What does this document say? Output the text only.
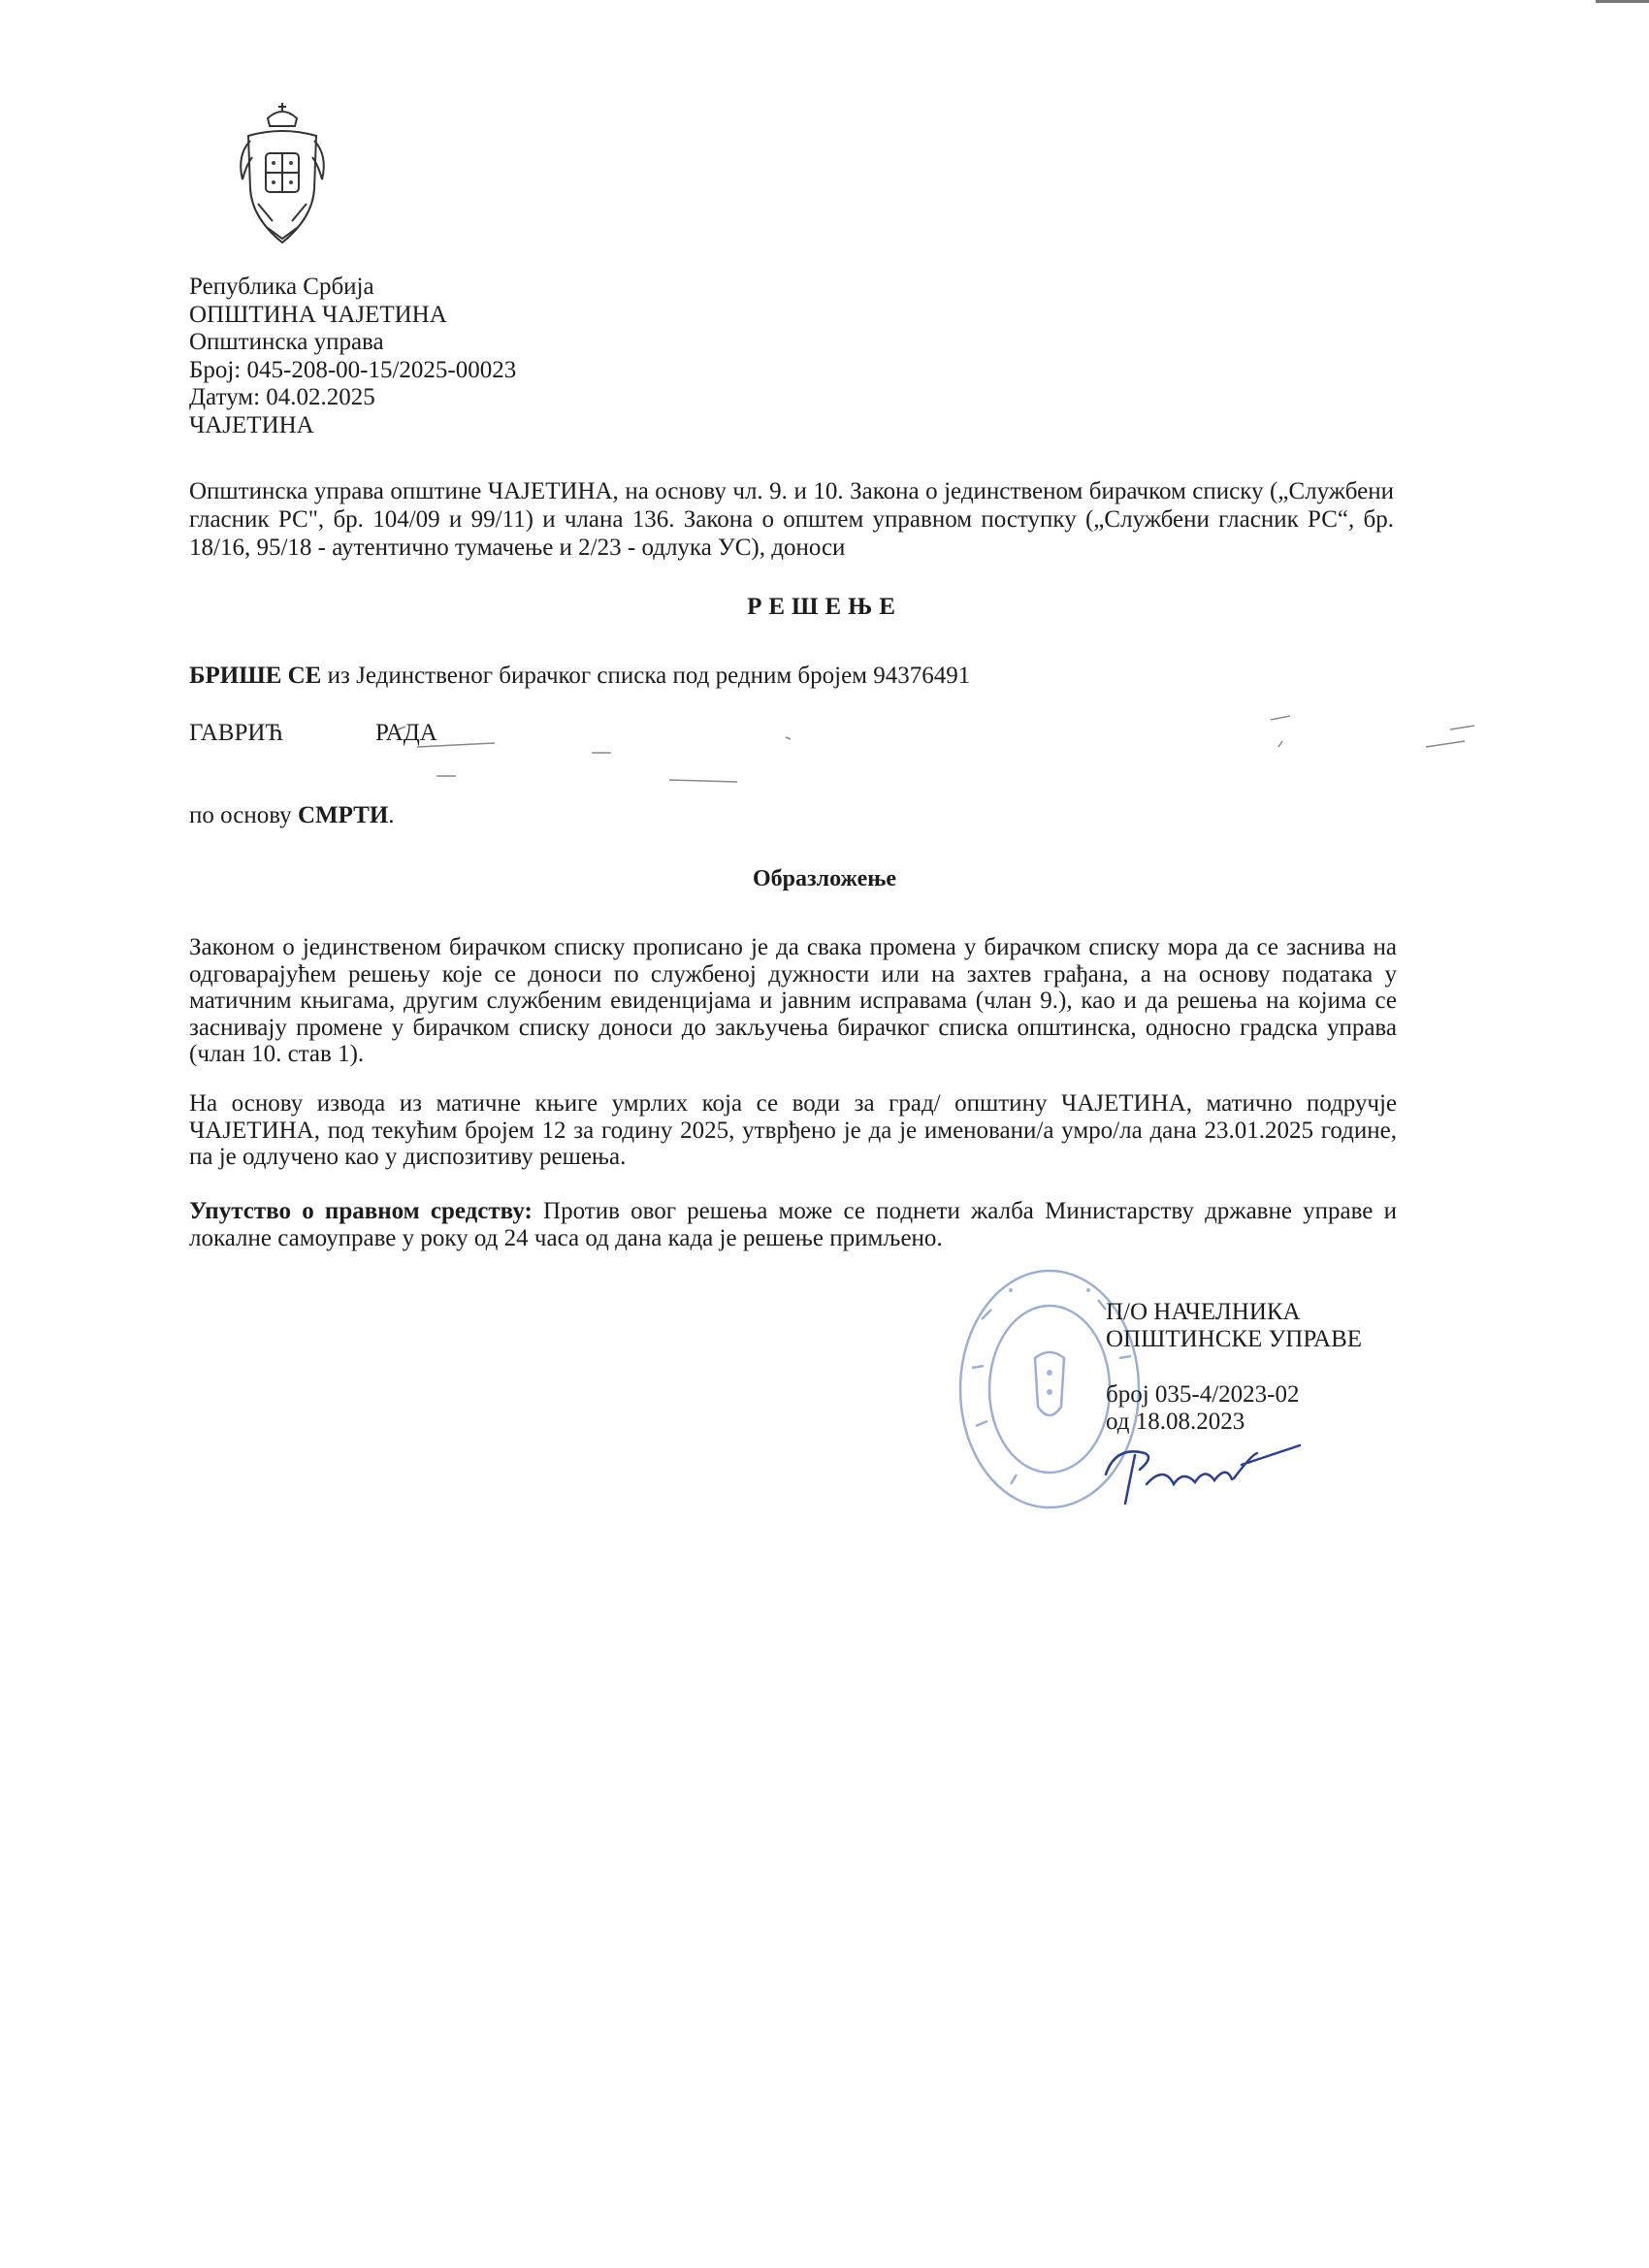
Република Србија
ОПШТИНА ЧАЈЕТИНА
Општинска управа
Број: 045-208-00-15/2025-00023
Датум: 04.02.2025
ЧАЈЕТИНА
Општинска управа општине ЧАЈЕТИНА, на основу чл. 9. и 10. Закона о јединственом бирачком списку („Службени гласник РС", бр. 104/09 и 99/11) и члана 136. Закона о општем управном поступку („Службени гласник РС“, бр. 18/16, 95/18 - аутентично тумачење и 2/23 - одлука УС), доноси
РЕШЕЊЕ
БРИШЕ СЕ из Јединственог бирачког списка под редним бројем 94376491
ГАВРИЋ	РАДА
по основу СМРТИ.
Образложење
Законом о јединственом бирачком списку прописано је да свака промена у бирачком списку мора да се заснива на одговарајућем решењу које се доноси по службеној дужности или на захтев грађана, а на основу података у матичним књигама, другим службеним евиденцијама и јавним исправама (члан 9.), као и да решења на којима се заснивају промене у бирачком списку доноси до закључења бирачког списка општинска, односно градска управа (члан 10. став 1).
На основу извода из матичне књиге умрлих која се води за град/ општину ЧАЈЕТИНА, матично подручје ЧАЈЕТИНА, под текућим бројем 12 за годину 2025, утврђено је да је именовани/а умро/ла дана 23.01.2025 године, па је одлучено као у диспозитиву решења.
Упутство о правном средству: Против овог решења може се поднети жалба Министарству државне управе и локалне самоуправе у року од 24 часа од дана када је решење примљено.
П/О НАЧЕЛНИКА
ОПШТИНСКЕ УПРАВЕ
број 035-4/2023-02
од 18.08.2023
